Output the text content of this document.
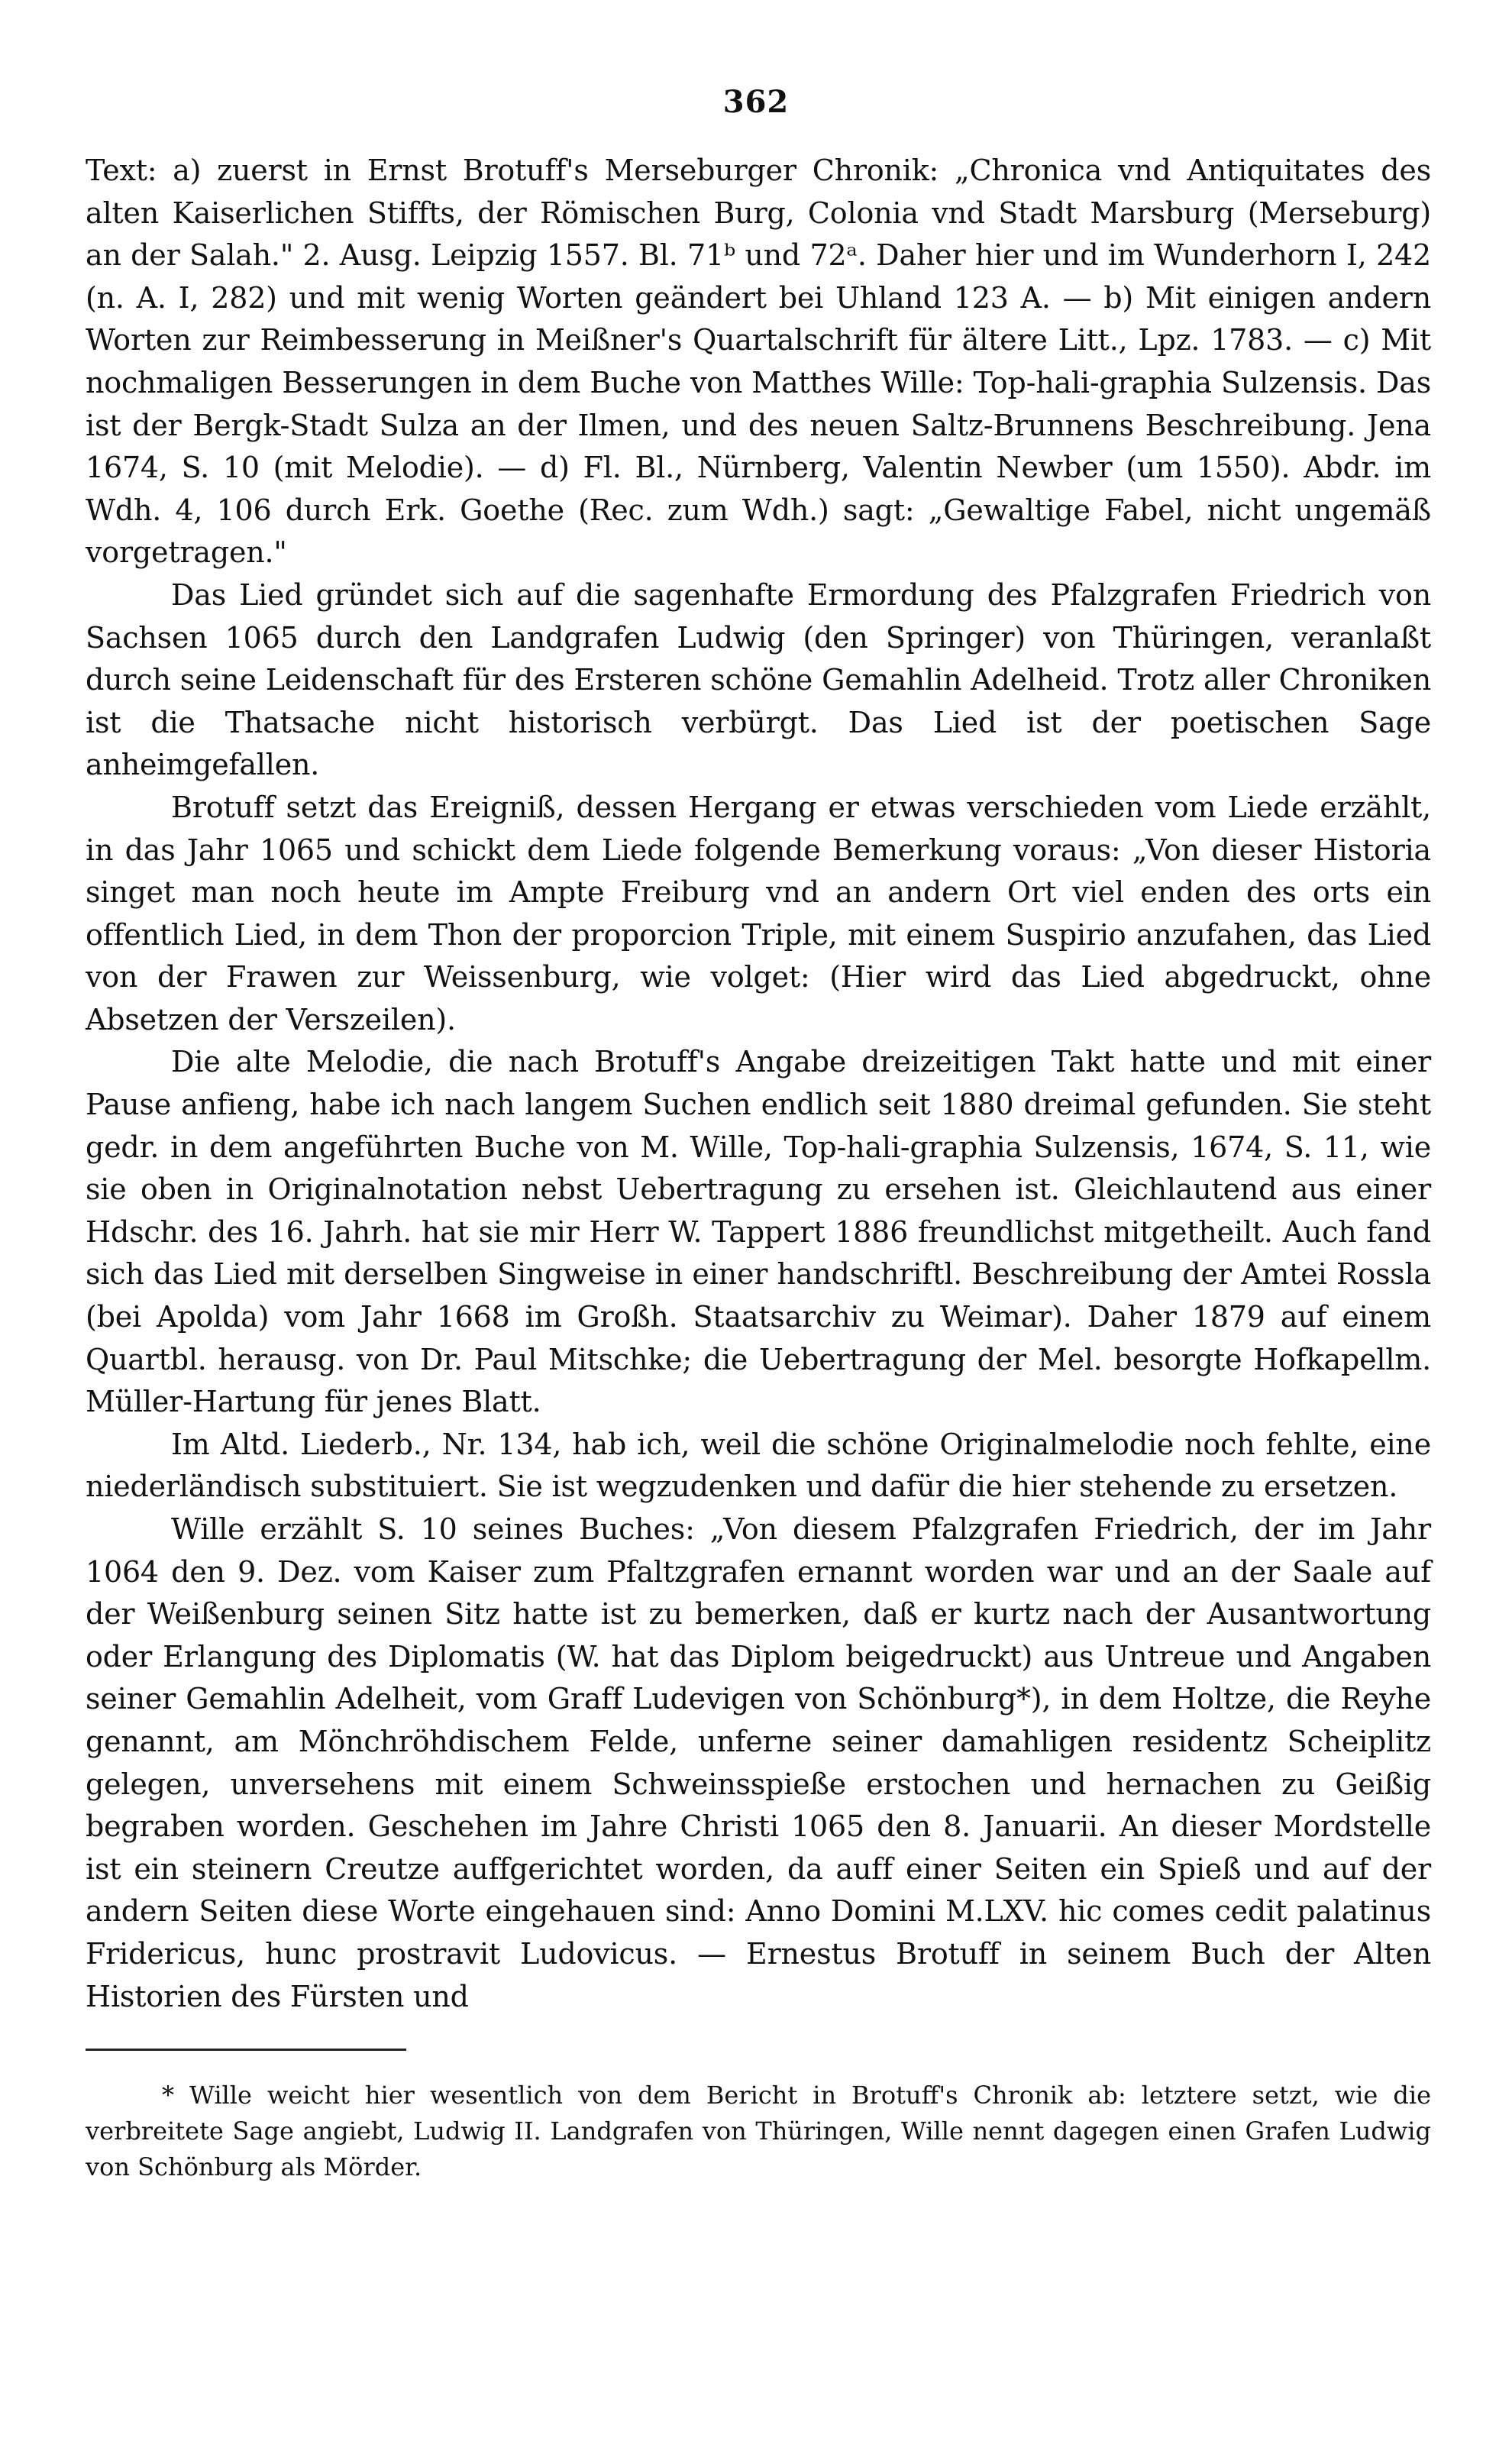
362

Text: a) zuerst in Ernst Brotuff's Merseburger Chronik: „Chronica vnd Antiquitates des alten Kaiserlichen Stiffts, der Römischen Burg, Colonia vnd Stadt Marsburg (Merseburg) an der Salah." 2. Ausg. Leipzig 1557. Bl. 71ᵇ und 72ᵃ. Daher hier und im Wunderhorn I, 242 (n. A. I, 282) und mit wenig Worten geändert bei Uhland 123 A. — b) Mit einigen andern Worten zur Reimbesserung in Meißner's Quartalschrift für ältere Litt., Lpz. 1783. — c) Mit nochmaligen Besserungen in dem Buche von Matthes Wille: Top-hali-graphia Sulzensis. Das ist der Bergk-Stadt Sulza an der Ilmen, und des neuen Saltz-Brunnens Beschreibung. Jena 1674, S. 10 (mit Melodie). — d) Fl. Bl., Nürnberg, Valentin Newber (um 1550). Abdr. im Wdh. 4, 106 durch Erk. Goethe (Rec. zum Wdh.) sagt: „Gewaltige Fabel, nicht ungemäß vorgetragen."

Das Lied gründet sich auf die sagenhafte Ermordung des Pfalzgrafen Friedrich von Sachsen 1065 durch den Landgrafen Ludwig (den Springer) von Thüringen, veranlaßt durch seine Leidenschaft für des Ersteren schöne Gemahlin Adelheid. Trotz aller Chroniken ist die Thatsache nicht historisch verbürgt. Das Lied ist der poetischen Sage anheimgefallen.

Brotuff setzt das Ereigniß, dessen Hergang er etwas verschieden vom Liede erzählt, in das Jahr 1065 und schickt dem Liede folgende Bemerkung voraus: „Von dieser Historia singet man noch heute im Ampte Freiburg vnd an andern Ort viel enden des orts ein offentlich Lied, in dem Thon der proporcion Triple, mit einem Suspirio anzufahen, das Lied von der Frawen zur Weissenburg, wie volget: (Hier wird das Lied abgedruckt, ohne Absetzen der Verszeilen).

Die alte Melodie, die nach Brotuff's Angabe dreizeitigen Takt hatte und mit einer Pause anfieng, habe ich nach langem Suchen endlich seit 1880 dreimal gefunden. Sie steht gedr. in dem angeführten Buche von M. Wille, Top-hali-graphia Sulzensis, 1674, S. 11, wie sie oben in Originalnotation nebst Uebertragung zu ersehen ist. Gleichlautend aus einer Hdschr. des 16. Jahrh. hat sie mir Herr W. Tappert 1886 freundlichst mitgetheilt. Auch fand sich das Lied mit derselben Singweise in einer handschriftl. Beschreibung der Amtei Rossla (bei Apolda) vom Jahr 1668 im Großh. Staatsarchiv zu Weimar). Daher 1879 auf einem Quartbl. herausg. von Dr. Paul Mitschke; die Uebertragung der Mel. besorgte Hofkapellm. Müller-Hartung für jenes Blatt.

Im Altd. Liederb., Nr. 134, hab ich, weil die schöne Originalmelodie noch fehlte, eine niederländisch substituiert. Sie ist wegzudenken und dafür die hier stehende zu ersetzen.

Wille erzählt S. 10 seines Buches: „Von diesem Pfalzgrafen Friedrich, der im Jahr 1064 den 9. Dez. vom Kaiser zum Pfaltzgrafen ernannt worden war und an der Saale auf der Weißenburg seinen Sitz hatte ist zu bemerken, daß er kurtz nach der Ausantwortung oder Erlangung des Diplomatis (W. hat das Diplom beigedruckt) aus Untreue und Angaben seiner Gemahlin Adelheit, vom Graff Ludevigen von Schönburg*), in dem Holtze, die Reyhe genannt, am Mönchröhdischem Felde, unferne seiner damahligen residentz Scheiplitz gelegen, unversehens mit einem Schweinsspieße erstochen und hernachen zu Geißig begraben worden. Geschehen im Jahre Christi 1065 den 8. Januarii. An dieser Mordstelle ist ein steinern Creutze auffgerichtet worden, da auff einer Seiten ein Spieß und auf der andern Seiten diese Worte eingehauen sind: Anno Domini M.LXV. hic comes cedit palatinus Fridericus, hunc prostravit Ludovicus. — Ernestus Brotuff in seinem Buch der Alten Historien des Fürsten und

* Wille weicht hier wesentlich von dem Bericht in Brotuff's Chronik ab: letztere setzt, wie die verbreitete Sage angiebt, Ludwig II. Landgrafen von Thüringen, Wille nennt dagegen einen Grafen Ludwig von Schönburg als Mörder.
